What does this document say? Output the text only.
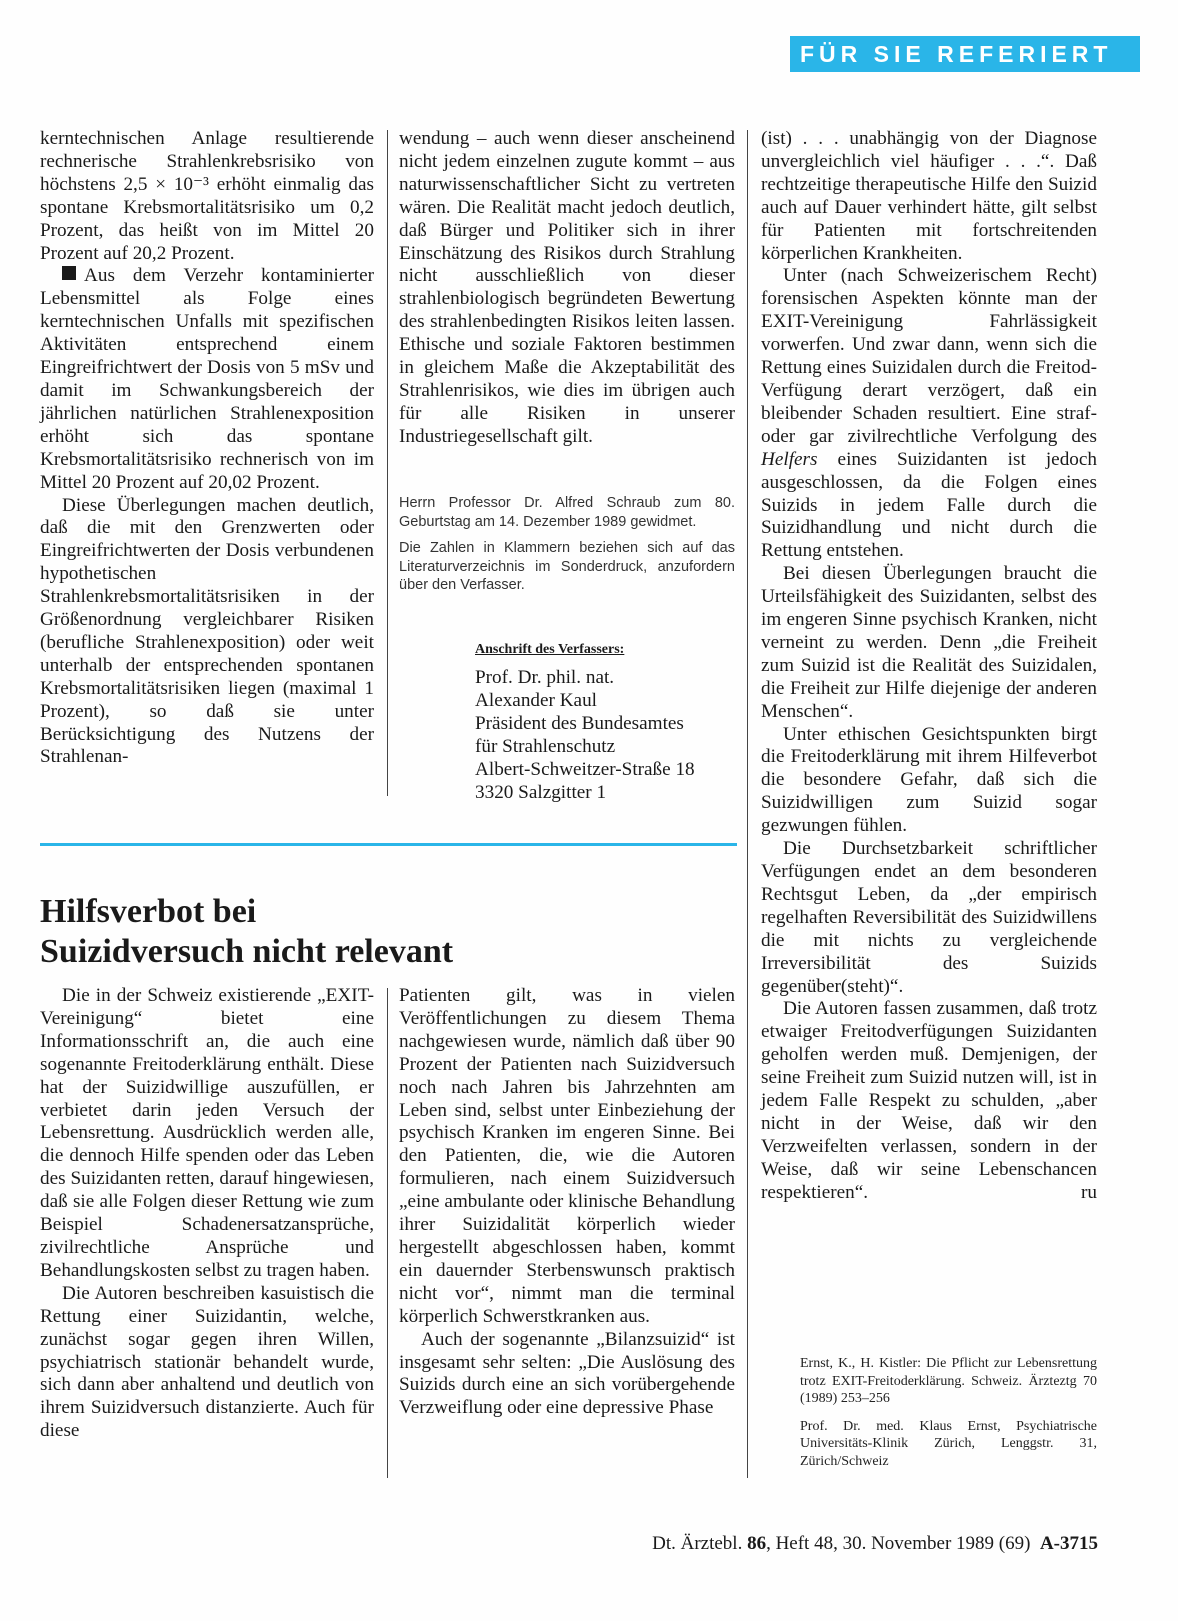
FÜR SIE REFERIERT

kerntechnischen Anlage resultierende rechnerische Strahlenkrebsrisiko von höchstens 2,5 × 10⁻³ erhöht einmalig das spontane Krebsmortalitätsrisiko um 0,2 Prozent, das heißt von im Mittel 20 Prozent auf 20,2 Prozent.

Aus dem Verzehr kontaminierter Lebensmittel als Folge eines kerntechnischen Unfalls mit spezifischen Aktivitäten entsprechend einem Eingreifrichtwert der Dosis von 5 mSv und damit im Schwankungsbereich der jährlichen natürlichen Strahlenexposition erhöht sich das spontane Krebsmortalitätsrisiko rechnerisch von im Mittel 20 Prozent auf 20,02 Prozent.

Diese Überlegungen machen deutlich, daß die mit den Grenzwerten oder Eingreifrichtwerten der Dosis verbundenen hypothetischen Strahlenkrebsmortalitätsrisiken in der Größenordnung vergleichbarer Risiken (berufliche Strahlenexposition) oder weit unterhalb der entsprechenden spontanen Krebsmortalitätsrisiken liegen (maximal 1 Prozent), so daß sie unter Berücksichtigung des Nutzens der Strahlenan-

wendung – auch wenn dieser anscheinend nicht jedem einzelnen zugute kommt – aus naturwissenschaftlicher Sicht zu vertreten wären. Die Realität macht jedoch deutlich, daß Bürger und Politiker sich in ihrer Einschätzung des Risikos durch Strahlung nicht ausschließlich von dieser strahlenbiologisch begründeten Bewertung des strahlenbedingten Risikos leiten lassen. Ethische und soziale Faktoren bestimmen in gleichem Maße die Akzeptabilität des Strahlenrisikos, wie dies im übrigen auch für alle Risiken in unserer Industriegesellschaft gilt.

Herrn Professor Dr. Alfred Schraub zum 80. Geburtstag am 14. Dezember 1989 gewidmet.

Die Zahlen in Klammern beziehen sich auf das Literaturverzeichnis im Sonderdruck, anzufordern über den Verfasser.

Anschrift des Verfassers:
Prof. Dr. phil. nat.
Alexander Kaul
Präsident des Bundesamtes
für Strahlenschutz
Albert-Schweitzer-Straße 18
3320 Salzgitter 1

(ist) . . . unabhängig von der Diagnose unvergleichlich viel häufiger . . .“. Daß rechtzeitige therapeutische Hilfe den Suizid auch auf Dauer verhindert hätte, gilt selbst für Patienten mit fortschreitenden körperlichen Krankheiten.

Unter (nach Schweizerischem Recht) forensischen Aspekten könnte man der EXIT-Vereinigung Fahrlässigkeit vorwerfen. Und zwar dann, wenn sich die Rettung eines Suizidalen durch die Freitod-Verfügung derart verzögert, daß ein bleibender Schaden resultiert. Eine straf- oder gar zivilrechtliche Verfolgung des Helfers eines Suizidanten ist jedoch ausgeschlossen, da die Folgen eines Suizids in jedem Falle durch die Suizidhandlung und nicht durch die Rettung entstehen.

Bei diesen Überlegungen braucht die Urteilsfähigkeit des Suizidanten, selbst des im engeren Sinne psychisch Kranken, nicht verneint zu werden. Denn „die Freiheit zum Suizid ist die Realität des Suizidalen, die Freiheit zur Hilfe diejenige der anderen Menschen“.

Unter ethischen Gesichtspunkten birgt die Freitoderklärung mit ihrem Hilfeverbot die besondere Gefahr, daß sich die Suizidwilligen zum Suizid sogar gezwungen fühlen.

Die Durchsetzbarkeit schriftlicher Verfügungen endet an dem besonderen Rechtsgut Leben, da „der empirisch regelhaften Reversibilität des Suizidwillens die mit nichts zu vergleichende Irreversibilität des Suizids gegenüber(steht)“.

Die Autoren fassen zusammen, daß trotz etwaiger Freitodverfügungen Suizidanten geholfen werden muß. Demjenigen, der seine Freiheit zum Suizid nutzen will, ist in jedem Falle Respekt zu schulden, „aber nicht in der Weise, daß wir den Verzweifelten verlassen, sondern in der Weise, daß wir seine Lebenschancen respektieren“.	ru

Hilfsverbot bei
Suizidversuch nicht relevant

Die in der Schweiz existierende „EXIT-Vereinigung“ bietet eine Informationsschrift an, die auch eine sogenannte Freitoderklärung enthält. Diese hat der Suizidwillige auszufüllen, er verbietet darin jeden Versuch der Lebensrettung. Ausdrücklich werden alle, die dennoch Hilfe spenden oder das Leben des Suizidanten retten, darauf hingewiesen, daß sie alle Folgen dieser Rettung wie zum Beispiel Schadenersatzansprüche, zivilrechtliche Ansprüche und Behandlungskosten selbst zu tragen haben.

Die Autoren beschreiben kasuistisch die Rettung einer Suizidantin, welche, zunächst sogar gegen ihren Willen, psychiatrisch stationär behandelt wurde, sich dann aber anhaltend und deutlich von ihrem Suizidversuch distanzierte. Auch für diese

Patienten gilt, was in vielen Veröffentlichungen zu diesem Thema nachgewiesen wurde, nämlich daß über 90 Prozent der Patienten nach Suizidversuch noch nach Jahren bis Jahrzehnten am Leben sind, selbst unter Einbeziehung der psychisch Kranken im engeren Sinne. Bei den Patienten, die, wie die Autoren formulieren, nach einem Suizidversuch „eine ambulante oder klinische Behandlung ihrer Suizidalität körperlich wieder hergestellt abgeschlossen haben, kommt ein dauernder Sterbenswunsch praktisch nicht vor“, nimmt man die terminal körperlich Schwerstkranken aus.

Auch der sogenannte „Bilanzsuizid“ ist insgesamt sehr selten: „Die Auslösung des Suizids durch eine an sich vorübergehende Verzweiflung oder eine depressive Phase

Ernst, K., H. Kistler: Die Pflicht zur Lebensrettung trotz EXIT-Freitoderklärung. Schweiz. Ärzteztg 70 (1989) 253–256

Prof. Dr. med. Klaus Ernst, Psychiatrische Universitäts-Klinik Zürich, Lenggstr. 31, Zürich/Schweiz

Dt. Ärztebl. 86, Heft 48, 30. November 1989 (69) A-3715
